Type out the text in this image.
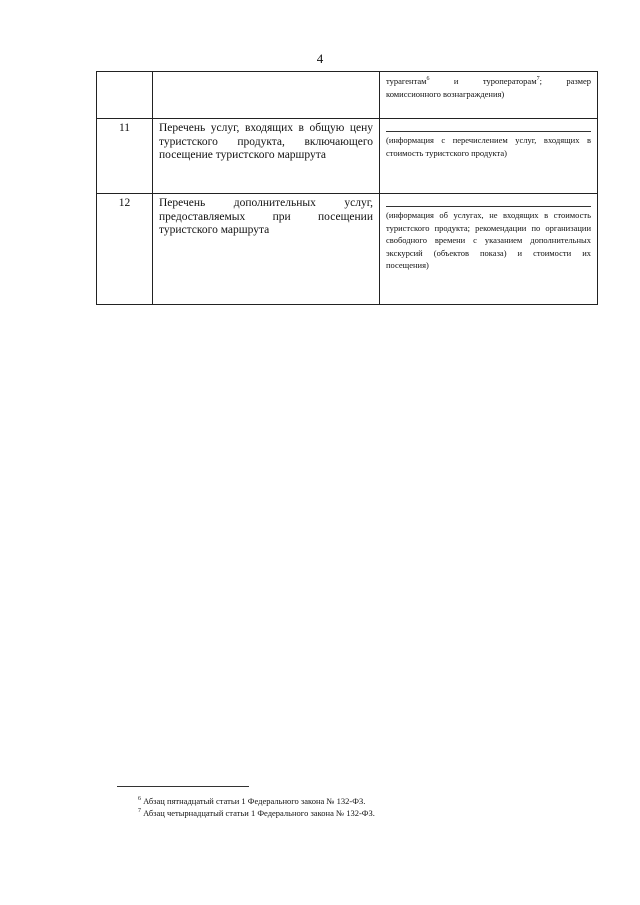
4

		турагентам$^6$ и туроператорам$^7$; размер
комиссионного вознаграждения)

11	Перечень услуг, входящих в общую цену туристского продукта, включающего посещение туристского маршрута	(информация с перечислением услуг, входящих в стоимость туристского продукта)

12	Перечень дополнительных услуг, предоставляемых при посещении туристского маршрута	(информация об услугах, не входящих в стоимость туристского продукта; рекомендации по организации свободного времени с указанием дополнительных экскурсий (объектов показа) и стоимости их посещения)
$^6$ Абзац пятнадцатый статьи 1 Федерального закона № 132-ФЗ.
$^7$ Абзац четырнадцатый статьи 1 Федерального закона № 132-ФЗ.
